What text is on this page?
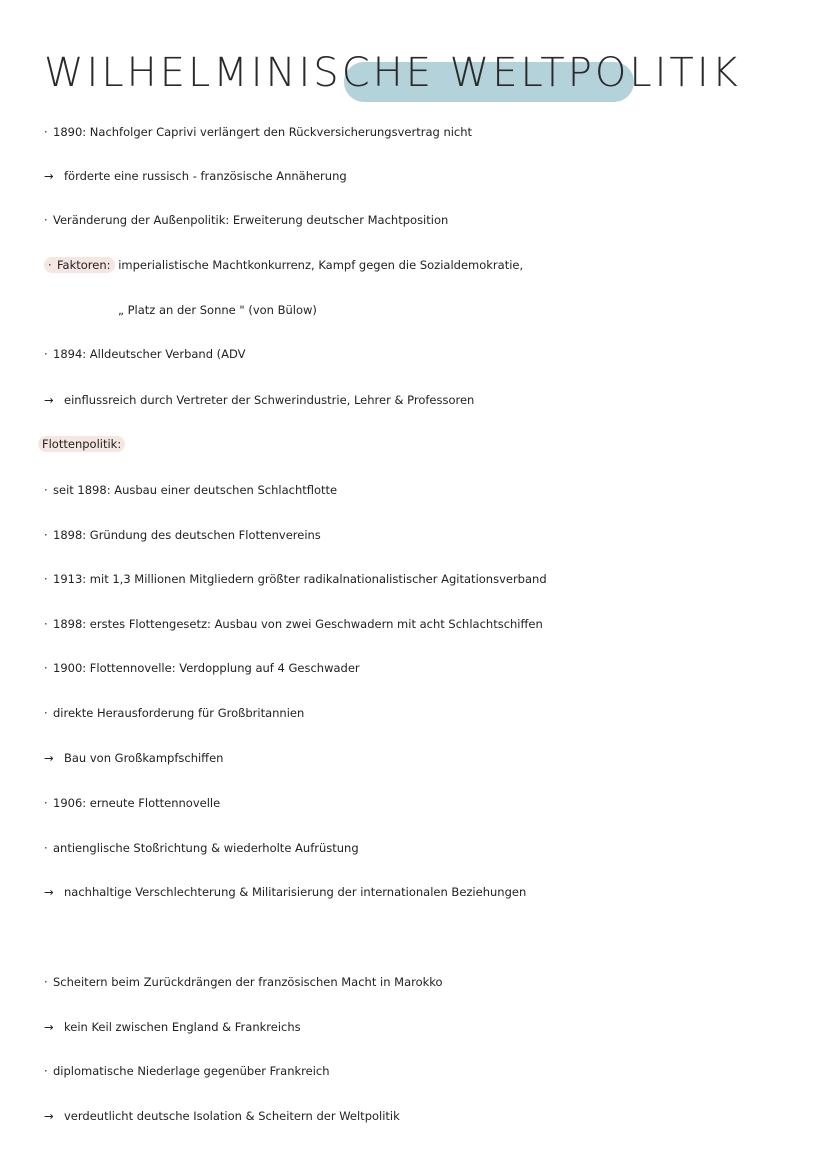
WILHELMINISCHE WELTPOLITIK
· 1890: Nachfolger Caprivi verlängert den Rückversicherungsvertrag nicht
→ förderte eine russisch - französische Annäherung
· Veränderung der Außenpolitik: Erweiterung deutscher Machtposition
· Faktoren: imperialistische Machtkonkurrenz, Kampf gegen die Sozialdemokratie,
„ Platz an der Sonne " (von Bülow)
· 1894: Alldeutscher Verband (ADV
→ einflussreich durch Vertreter der Schwerindustrie, Lehrer & Professoren
Flottenpolitik:
· seit 1898: Ausbau einer deutschen Schlachtflotte
· 1898: Gründung des deutschen Flottenvereins
· 1913: mit 1,3 Millionen Mitgliedern größter radikalnationalistischer Agitationsverband
· 1898: erstes Flottengesetz: Ausbau von zwei Geschwadern mit acht Schlachtschiffen
· 1900: Flottennovelle: Verdopplung auf 4 Geschwader
· direkte Herausforderung für Großbritannien
→ Bau von Großkampfschiffen
· 1906: erneute Flottennovelle
· antienglische Stoßrichtung & wiederholte Aufrüstung
→ nachhaltige Verschlechterung & Militarisierung der internationalen Beziehungen
· Scheitern beim Zurückdrängen der französischen Macht in Marokko
→ kein Keil zwischen England & Frankreichs
· diplomatische Niederlage gegenüber Frankreich
→ verdeutlicht deutsche Isolation & Scheitern der Weltpolitik
